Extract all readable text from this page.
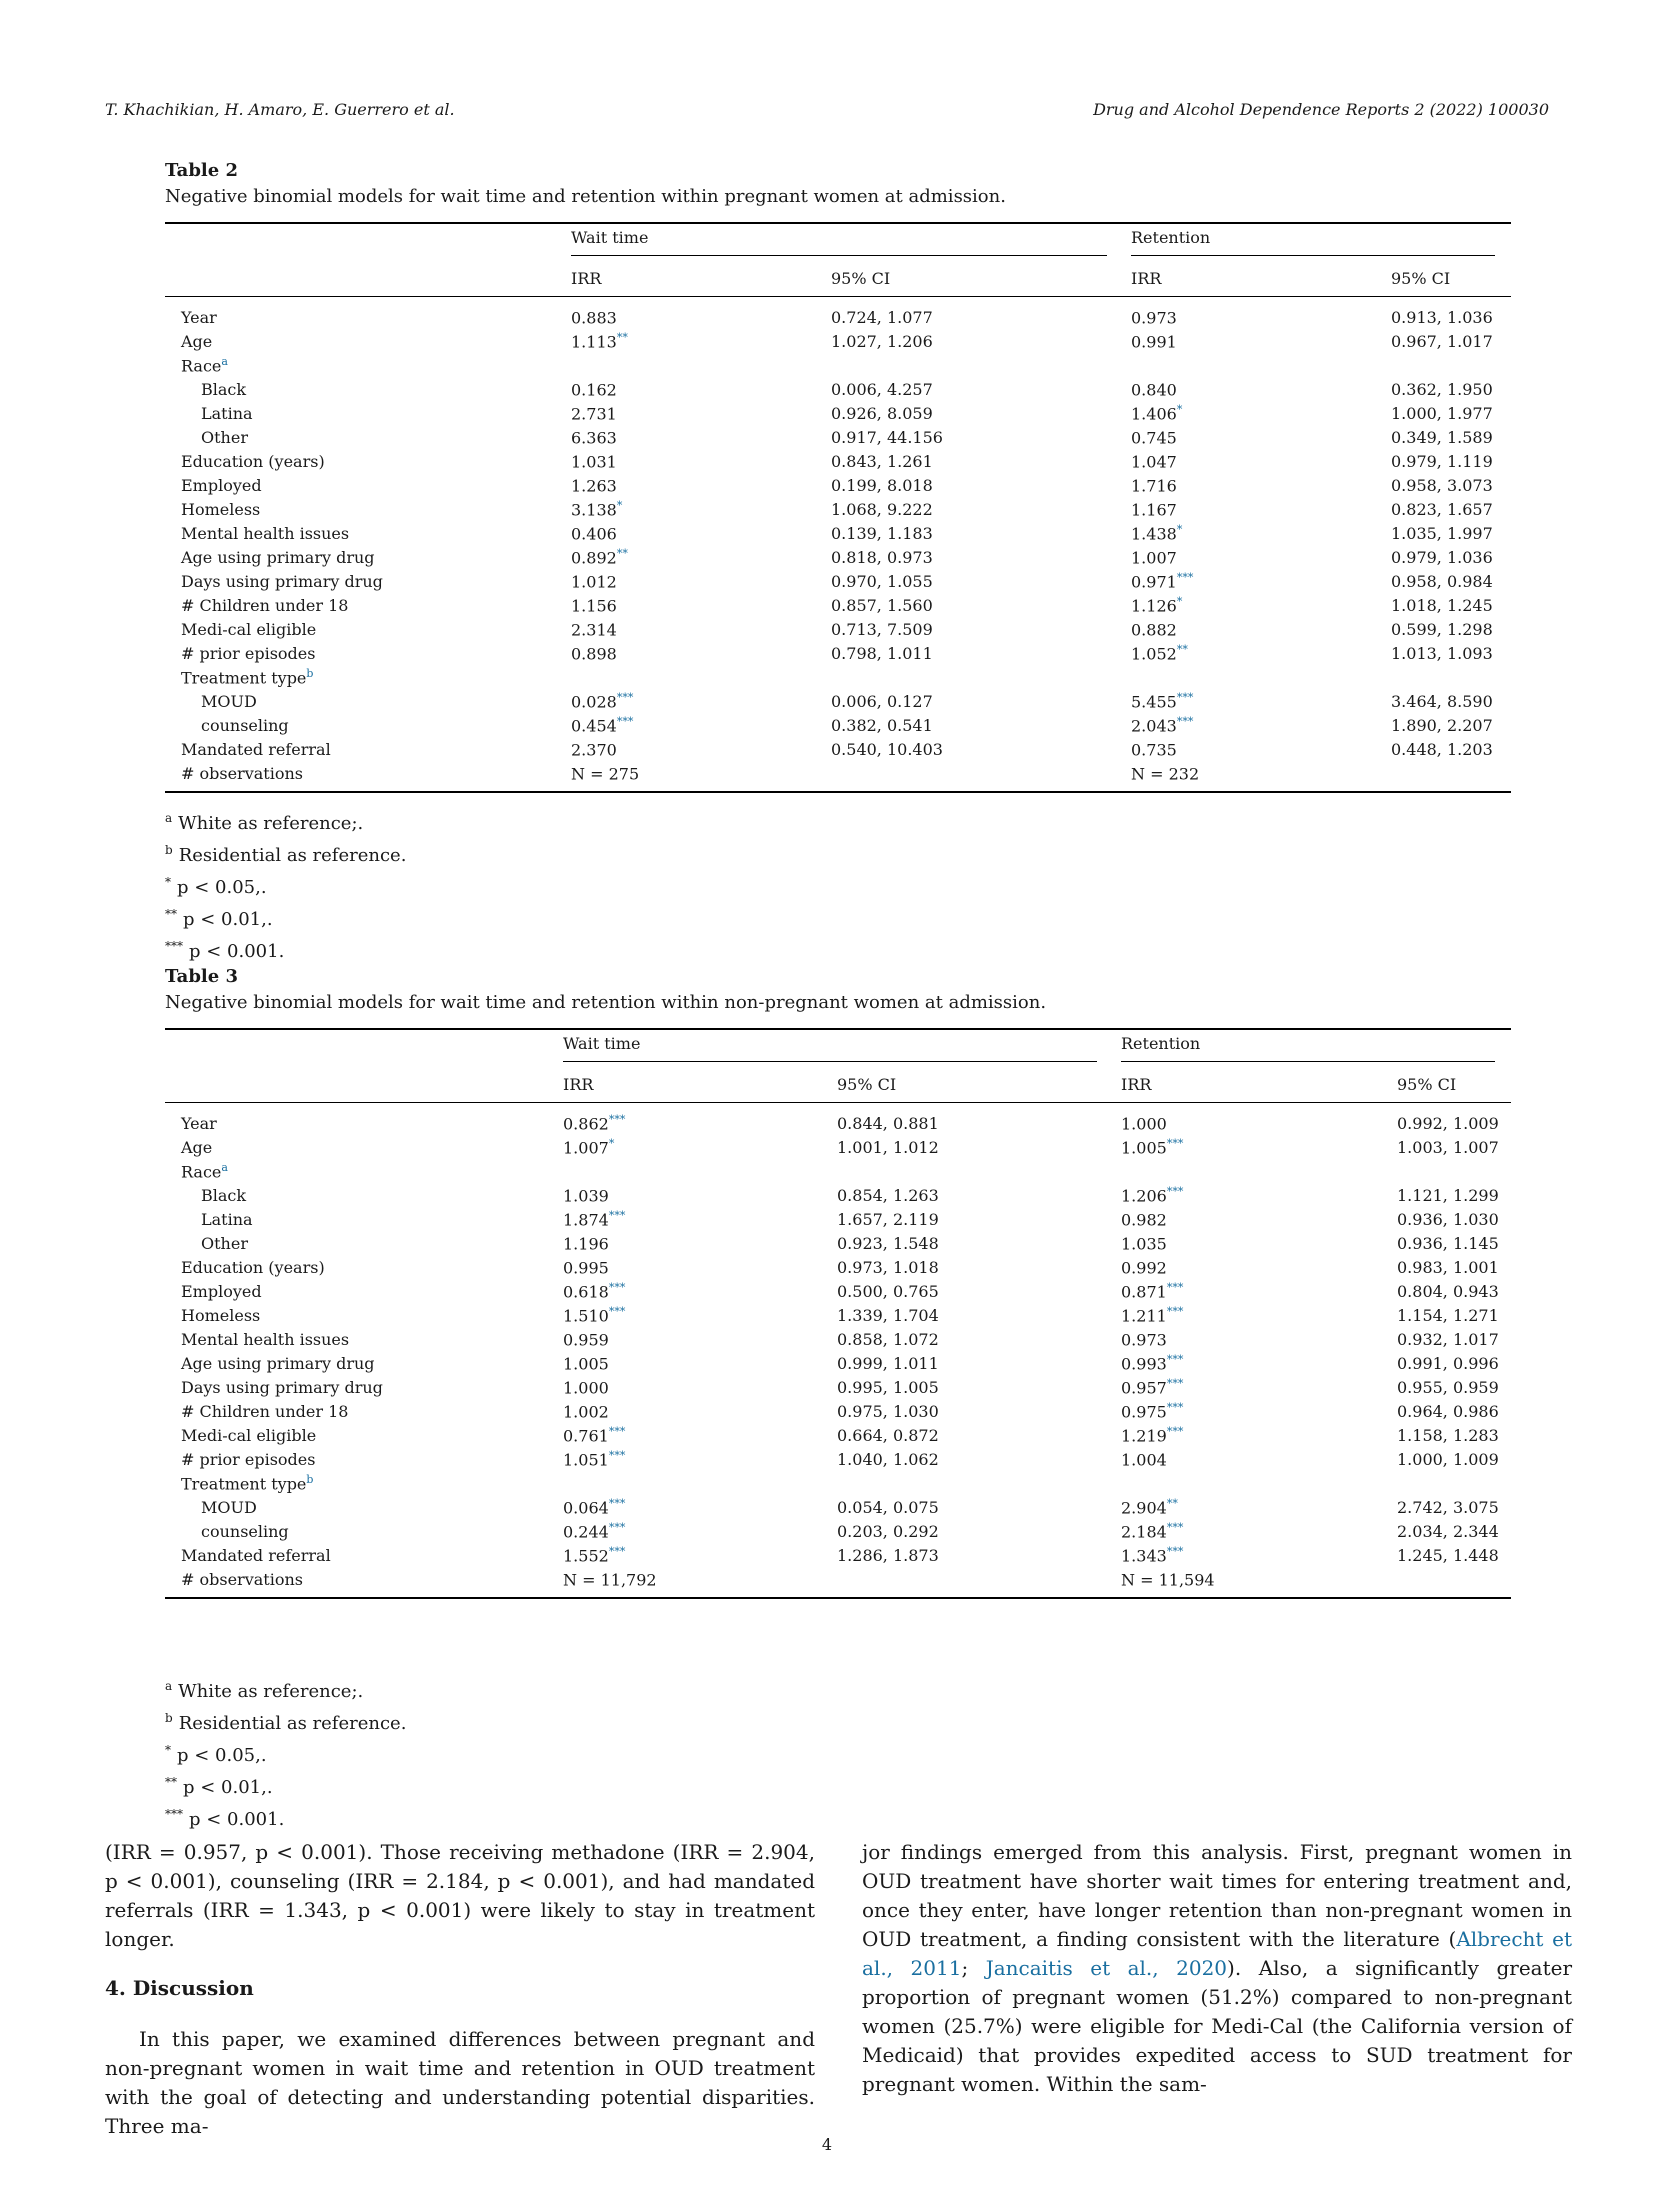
T. Khachikian, H. Amaro, E. Guerrero et al.	Drug and Alcohol Dependence Reports 2 (2022) 100030
Table 2
Negative binomial models for wait time and retention within pregnant women at admission.

	Wait time		Retention	

	IRR	95% CI	IRR	95% CI
Year	0.883	0.724, 1.077	0.973	0.913, 1.036
Age	1.113**	1.027, 1.206	0.991	0.967, 1.017
Race$^a$				
Black	0.162	0.006, 4.257	0.840	0.362, 1.950
Latina	2.731	0.926, 8.059	1.406*	1.000, 1.977
Other	6.363	0.917, 44.156	0.745	0.349, 1.589
Education (years)	1.031	0.843, 1.261	1.047	0.979, 1.119
Employed	1.263	0.199, 8.018	1.716	0.958, 3.073
Homeless	3.138*	1.068, 9.222	1.167	0.823, 1.657
Mental health issues	0.406	0.139, 1.183	1.438*	1.035, 1.997
Age using primary drug	0.892**	0.818, 0.973	1.007	0.979, 1.036
Days using primary drug	1.012	0.970, 1.055	0.971***	0.958, 0.984
# Children under 18	1.156	0.857, 1.560	1.126*	1.018, 1.245
Medi-cal eligible	2.314	0.713, 7.509	0.882	0.599, 1.298
# prior episodes	0.898	0.798, 1.011	1.052**	1.013, 1.093
Treatment type$^b$				
MOUD	0.028***	0.006, 0.127	5.455***	3.464, 8.590
counseling	0.454***	0.382, 0.541	2.043***	1.890, 2.207
Mandated referral	2.370	0.540, 10.403	0.735	0.448, 1.203
# observations	N = 275		N = 232	
$^a$ White as reference;.
$^b$ Residential as reference.
* p < 0.05,.
** p < 0.01,.
*** p < 0.001.
Table 3
Negative binomial models for wait time and retention within non-pregnant women at admission.

	Wait time		Retention	

	IRR	95% CI	IRR	95% CI
Year	0.862***	0.844, 0.881	1.000	0.992, 1.009
Age	1.007*	1.001, 1.012	1.005***	1.003, 1.007
Race$^a$				
Black	1.039	0.854, 1.263	1.206***	1.121, 1.299
Latina	1.874***	1.657, 2.119	0.982	0.936, 1.030
Other	1.196	0.923, 1.548	1.035	0.936, 1.145
Education (years)	0.995	0.973, 1.018	0.992	0.983, 1.001
Employed	0.618***	0.500, 0.765	0.871***	0.804, 0.943
Homeless	1.510***	1.339, 1.704	1.211***	1.154, 1.271
Mental health issues	0.959	0.858, 1.072	0.973	0.932, 1.017
Age using primary drug	1.005	0.999, 1.011	0.993***	0.991, 0.996
Days using primary drug	1.000	0.995, 1.005	0.957***	0.955, 0.959
# Children under 18	1.002	0.975, 1.030	0.975***	0.964, 0.986
Medi-cal eligible	0.761***	0.664, 0.872	1.219***	1.158, 1.283
# prior episodes	1.051***	1.040, 1.062	1.004	1.000, 1.009
Treatment type$^b$				
MOUD	0.064***	0.054, 0.075	2.904**	2.742, 3.075
counseling	0.244***	0.203, 0.292	2.184***	2.034, 2.344
Mandated referral	1.552***	1.286, 1.873	1.343***	1.245, 1.448
# observations	N = 11,792		N = 11,594	
$^a$ White as reference;.
$^b$ Residential as reference.
* p < 0.05,.
** p < 0.01,.
*** p < 0.001.
(IRR = 0.957, p < 0.001). Those receiving methadone (IRR = 2.904, p < 0.001), counseling (IRR = 2.184, p < 0.001), and had mandated referrals (IRR = 1.343, p < 0.001) were likely to stay in treatment longer.
4. Discussion
In this paper, we examined differences between pregnant and non-pregnant women in wait time and retention in OUD treatment with the goal of detecting and understanding potential disparities. Three ma-
jor findings emerged from this analysis. First, pregnant women in OUD treatment have shorter wait times for entering treatment and, once they enter, have longer retention than non-pregnant women in OUD treatment, a finding consistent with the literature (Albrecht et al., 2011; Jancaitis et al., 2020). Also, a significantly greater proportion of pregnant women (51.2%) compared to non-pregnant women (25.7%) were eligible for Medi-Cal (the California version of Medicaid) that provides expedited access to SUD treatment for pregnant women. Within the sam-
4
